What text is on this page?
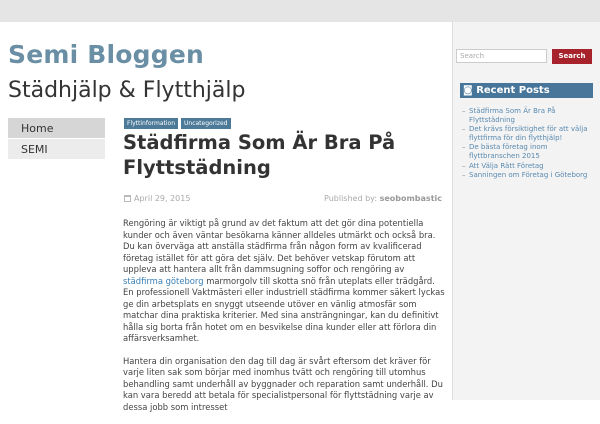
Semi Bloggen
Städhjälp & Flytthjälp
Home
SEMI
Flyttinformation	Uncategorized
Städfirma Som Är Bra På Flyttstädning
April 29, 2015	Published by: seobombastic

Rengöring är viktigt på grund av det faktum att det gör dina potentiella kunder och även väntar besökarna känner alldeles utmärkt och också bra. Du kan överväga att anställa städfirma från någon form av kvalificerad företag istället för att göra det själv. Det behöver vetskap förutom att uppleva att hantera allt från dammsugning soffor och rengöring av städfirma göteborg marmorgolv till skotta snö från uteplats eller trädgård. En professionell Vaktmästeri eller industriell städfirma kommer säkert lyckas ge din arbetsplats en snyggt utseende utöver en vänlig atmosfär som matchar dina praktiska kriterier. Med sina ansträngningar, kan du definitivt hålla sig borta från hotet om en besvikelse dina kunder eller att förlora din affärsverksamhet.

Hantera din organisation den dag till dag är svårt eftersom det kräver för varje liten sak som börjar med inomhus tvätt och rengöring till utomhus behandling samt underhåll av byggnader och reparation samt underhåll. Du kan vara beredd att betala för specialistpersonal för flyttstädning varje av dessa jobb som intresset

Search	Search
◙ Recent Posts
– Städfirma Som Är Bra På Flyttstädning
– Det krävs försiktighet för att välja flyttfirma för din flytthjälp!
– De bästa företag inom flyttbranschen 2015
– Att Välja Rätt Företag
– Sanningen om Företag i Göteborg
